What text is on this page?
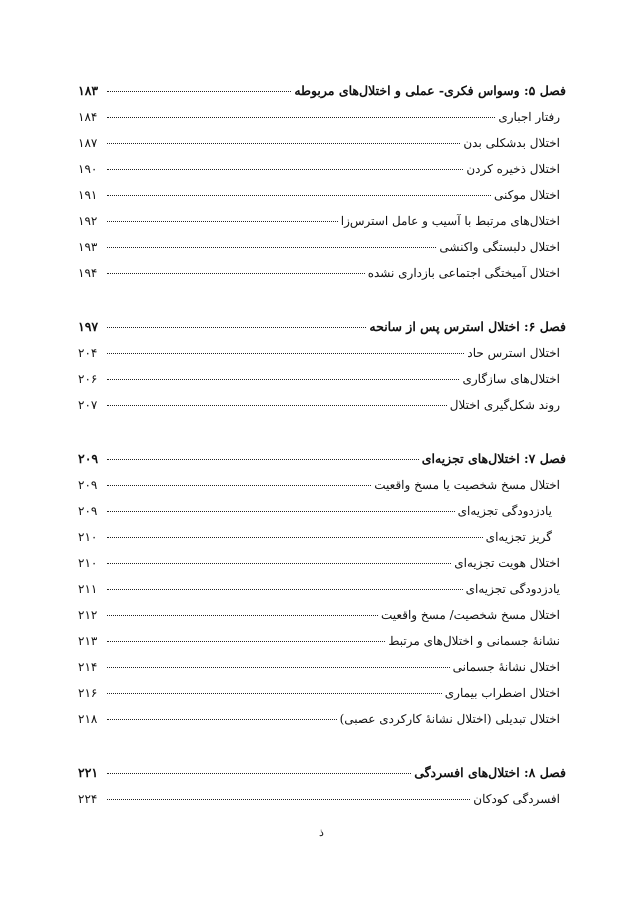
فصل ۵: وسواس فکری- عملی و اختلال‌های مربوطه
۱۸۳
رفتار اجباری
۱۸۴
اختلال بدشکلی بدن
۱۸۷
اختلال ذخیره کردن
۱۹۰
اختلال موکنی
۱۹۱
اختلال‌های مرتبط با آسیب و عامل استرس‌زا
۱۹۲
اختلال دلبستگی واکنشی
۱۹۳
اختلال آمیختگی اجتماعی بازداری نشده
۱۹۴
فصل ۶: اختلال استرس پس از سانحه
۱۹۷
اختلال استرس حاد
۲۰۴
اختلال‌های سازگاری
۲۰۶
روند شکل‌گیری اختلال
۲۰۷
فصل ۷: اختلال‌های تجزیه‌ای
۲۰۹
اختلال مسخ شخصیت یا مسخ واقعیت
۲۰۹
یادزدودگی تجزیه‌ای
۲۰۹
گریز تجزیه‌ای
۲۱۰
اختلال هویت تجزیه‌ای
۲۱۰
یادزدودگی تجزیه‌ای
۲۱۱
اختلال مسخ شخصیت/ مسخ واقعیت
۲۱۲
نشانهٔ جسمانی و اختلال‌های مرتبط
۲۱۳
اختلال نشانهٔ جسمانی
۲۱۴
اختلال اضطراب بیماری
۲۱۶
اختلال تبدیلی (اختلال نشانهٔ کارکردی عصبی)
۲۱۸
فصل ۸: اختلال‌های افسردگی
۲۲۱
افسردگی کودکان
۲۲۴
ذ
